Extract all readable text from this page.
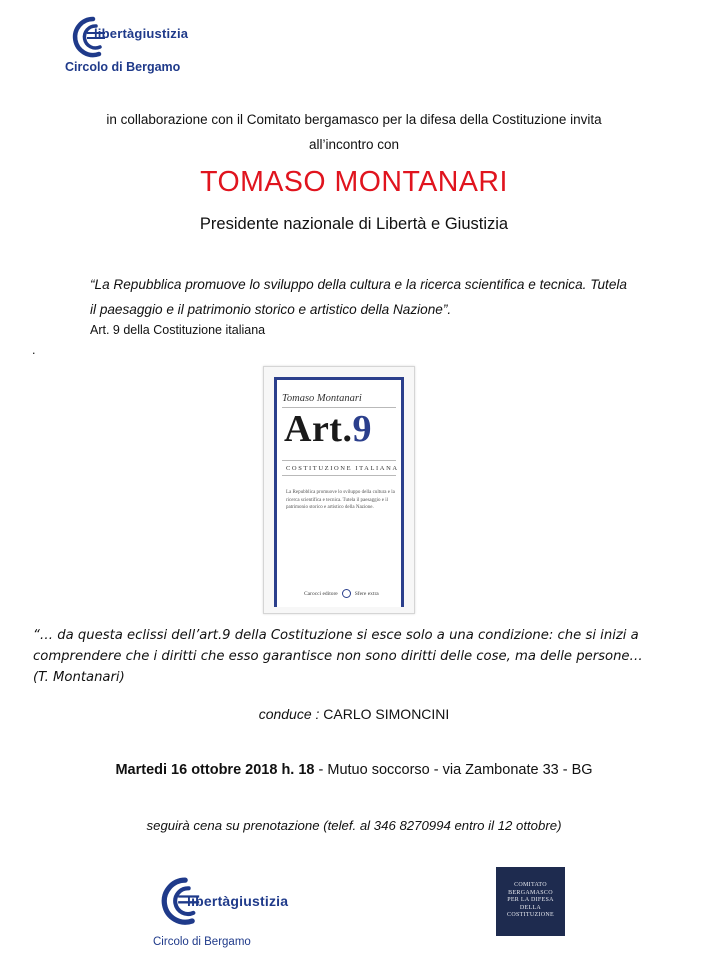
libertàgiustizia
Circolo di Bergamo
in collaborazione con il Comitato bergamasco per la difesa della Costituzione invita
all’incontro con
TOMASO MONTANARI
Presidente nazionale di Libertà e Giustizia
“La Repubblica promuove lo sviluppo della cultura e la ricerca scientifica e tecnica. Tutela
il paesaggio e il patrimonio storico e artistico della Nazione”.
Art. 9 della Costituzione italiana
.
Tomaso Montanari
Art.9
COSTITUZIONE ITALIANA
La Repubblica promuove lo sviluppo della cultura e la ricerca scientifica e tecnica. Tutela il paesaggio e il patrimonio storico e artistico della Nazione.
Carocci editore	Sfere extra
“… da questa eclissi dell’art.9 della Costituzione si esce solo a una condizione: che si inizi a
comprendere che i diritti che esso garantisce non sono diritti delle cose, ma delle persone…
(T. Montanari)
conduce : CARLO SIMONCINI
Martedi 16 ottobre 2018 h. 18 - Mutuo soccorso - via Zambonate 33 - BG
seguirà cena su prenotazione (telef. al 346 8270994 entro il 12 ottobre)
libertàgiustizia
Circolo di Bergamo
COMITATO
BERGAMASCO
PER LA DIFESA
DELLA
COSTITUZIONE
